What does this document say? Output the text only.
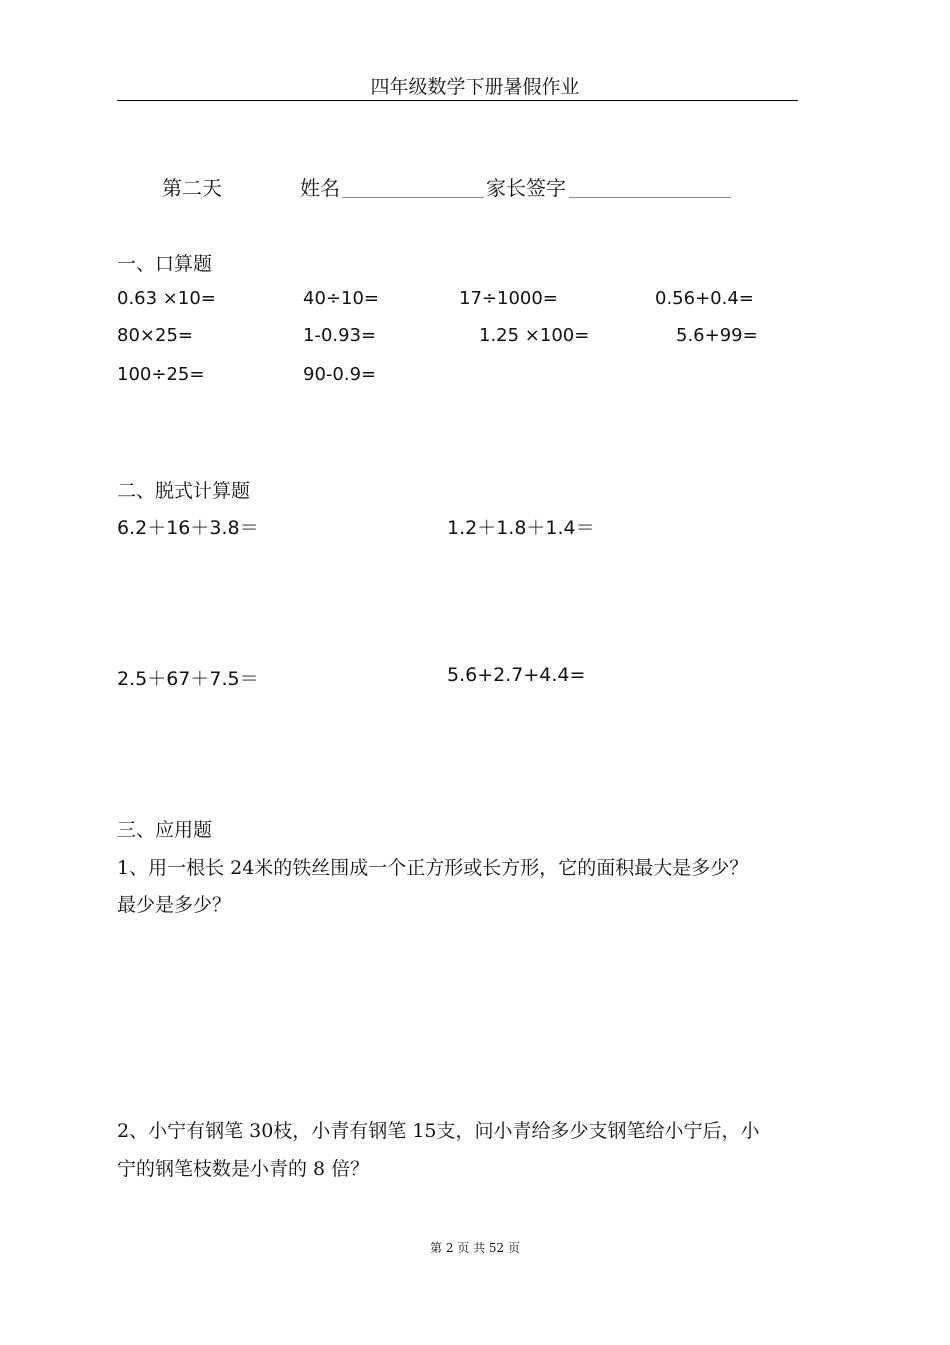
四年级数学下册暑假作业
第二天	姓名	家长签字
一、口算题
0.63 ×10=	40÷10=	17÷1000=	0.56+0.4=
80×25=	1-0.93=	1.25 ×100=	5.6+99=
100÷25=	90-0.9=
二、脱式计算题
6.2＋16＋3.8＝	1.2＋1.8＋1.4＝
2.5＋67＋7.5＝	5.6+2.7+4.4=
三、应用题
1、用一根长 24米的铁丝围成一个正方形或长方形，它的面积最大是多少？
最少是多少？
2、小宁有钢笔 30枝，小青有钢笔 15支，问小青给多少支钢笔给小宁后，小
宁的钢笔枝数是小青的 8 倍？
第 2 页 共 52 页
